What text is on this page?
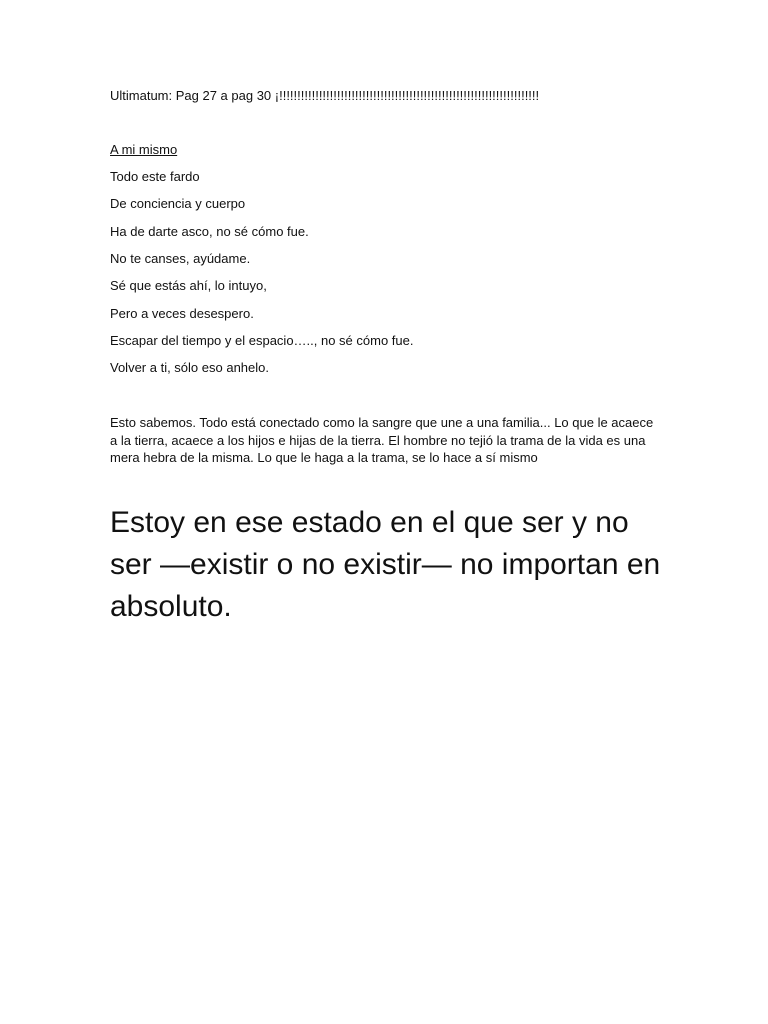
Ultimatum: Pag 27 a pag 30 ¡!!!!!!!!!!!!!!!!!!!!!!!!!!!!!!!!!!!!!!!!!!!!!!!!!!!!!!!!!!!!!!!!!!!!!!!!

A mi mismo

Todo este fardo

De conciencia y cuerpo

Ha de darte asco, no sé cómo fue.

No te canses, ayúdame.

Sé que estás ahí, lo intuyo,

Pero a veces desespero.

Escapar del tiempo y el espacio….., no sé cómo fue.

Volver a ti, sólo eso anhelo.

Esto sabemos. Todo está conectado como la sangre que une a una familia... Lo que le acaece a la tierra, acaece a los hijos e hijas de la tierra. El hombre no tejió la trama de la vida es una mera hebra de la misma. Lo que le haga a la trama, se lo hace a sí mismo

Estoy en ese estado en el que ser y no ser —existir o no existir— no importan en absoluto.
